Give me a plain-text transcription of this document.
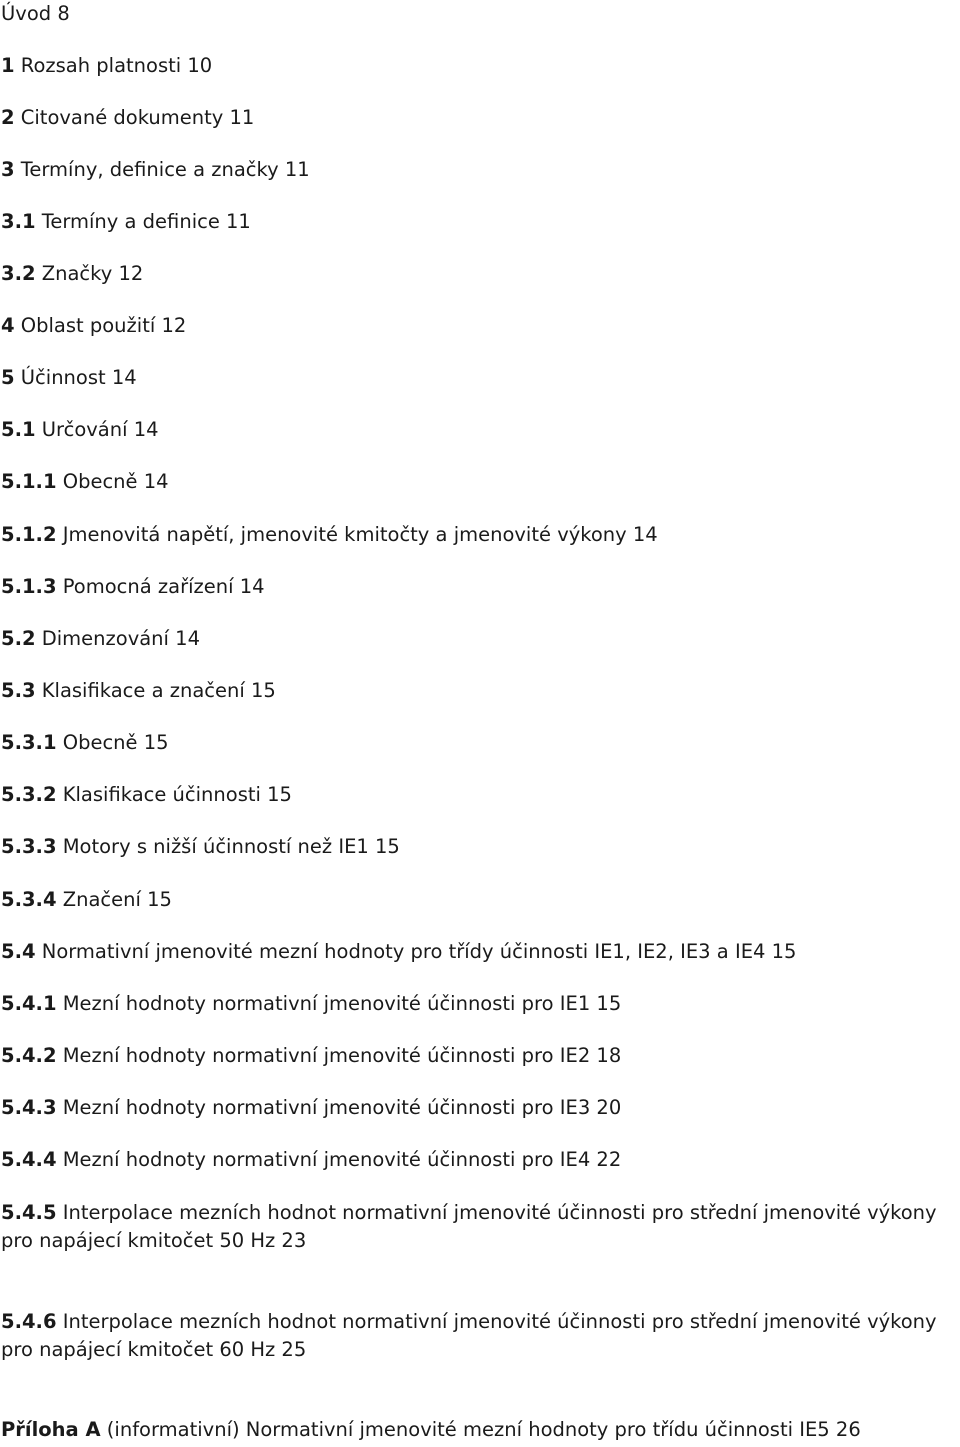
Úvod 8
1 Rozsah platnosti 10
2 Citované dokumenty 11
3 Termíny, definice a značky 11
3.1 Termíny a definice 11
3.2 Značky 12
4 Oblast použití 12
5 Účinnost 14
5.1 Určování 14
5.1.1 Obecně 14
5.1.2 Jmenovitá napětí, jmenovité kmitočty a jmenovité výkony 14
5.1.3 Pomocná zařízení 14
5.2 Dimenzování 14
5.3 Klasifikace a značení 15
5.3.1 Obecně 15
5.3.2 Klasifikace účinnosti 15
5.3.3 Motory s nižší účinností než IE1 15
5.3.4 Značení 15
5.4 Normativní jmenovité mezní hodnoty pro třídy účinnosti IE1, IE2, IE3 a IE4 15
5.4.1 Mezní hodnoty normativní jmenovité účinnosti pro IE1 15
5.4.2 Mezní hodnoty normativní jmenovité účinnosti pro IE2 18
5.4.3 Mezní hodnoty normativní jmenovité účinnosti pro IE3 20
5.4.4 Mezní hodnoty normativní jmenovité účinnosti pro IE4 22
5.4.5 Interpolace mezních hodnot normativní jmenovité účinnosti pro střední jmenovité výkony pro napájecí kmitočet 50 Hz 23
5.4.6 Interpolace mezních hodnot normativní jmenovité účinnosti pro střední jmenovité výkony pro napájecí kmitočet 60 Hz 25
Příloha A (informativní) Normativní jmenovité mezní hodnoty pro třídu účinnosti IE5 26
